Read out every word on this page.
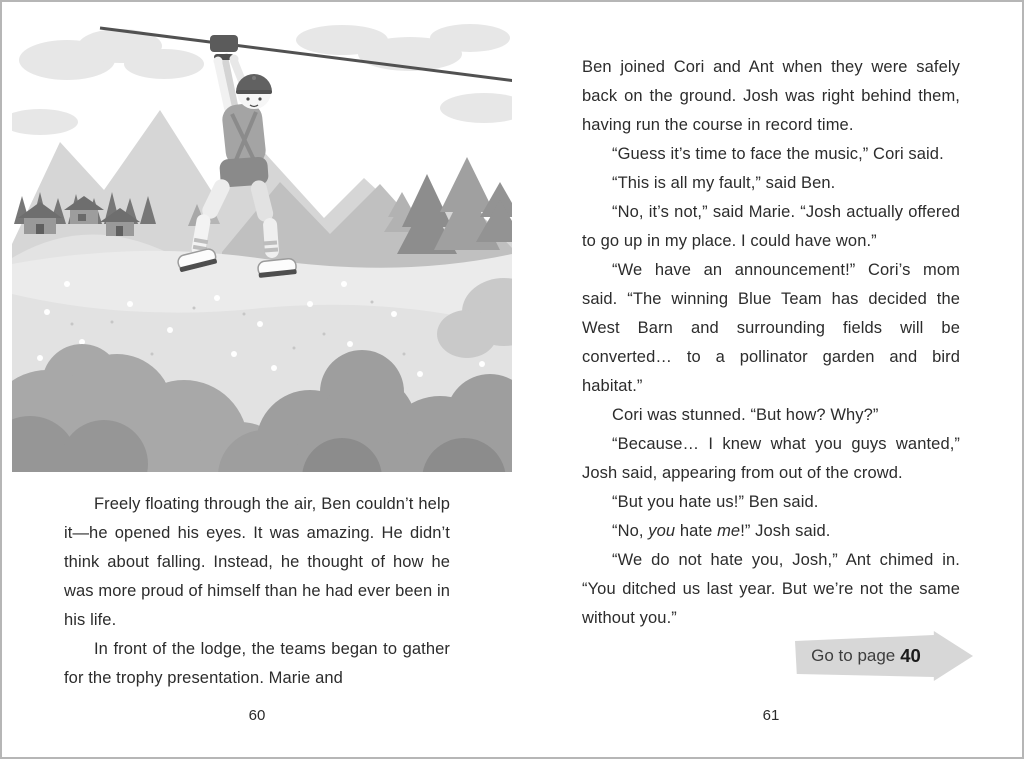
Freely floating through the air, Ben couldn’t help it—he opened his eyes. It was amazing. He didn’t think about falling. Instead, he thought of how he was more proud of himself than he had ever been in his life.

In front of the lodge, the teams began to gather for the trophy presentation. Marie and

60

Ben joined Cori and Ant when they were safely back on the ground. Josh was right behind them, having run the course in record time.

“Guess it’s time to face the music,” Cori said.

“This is all my fault,” said Ben.

“No, it’s not,” said Marie. “Josh actually offered to go up in my place. I could have won.”

“We have an announcement!” Cori’s mom said. “The winning Blue Team has decided the West Barn and surrounding fields will be converted… to a pollinator garden and bird habitat.”

Cori was stunned. “But how? Why?”

“Because… I knew what you guys wanted,” Josh said, appearing from out of the crowd.

“But you hate us!” Ben said.

“No, you hate me!” Josh said.

“We do not hate you, Josh,” Ant chimed in. “You ditched us last year. But we’re not the same without you.”

Go to page 40
61
